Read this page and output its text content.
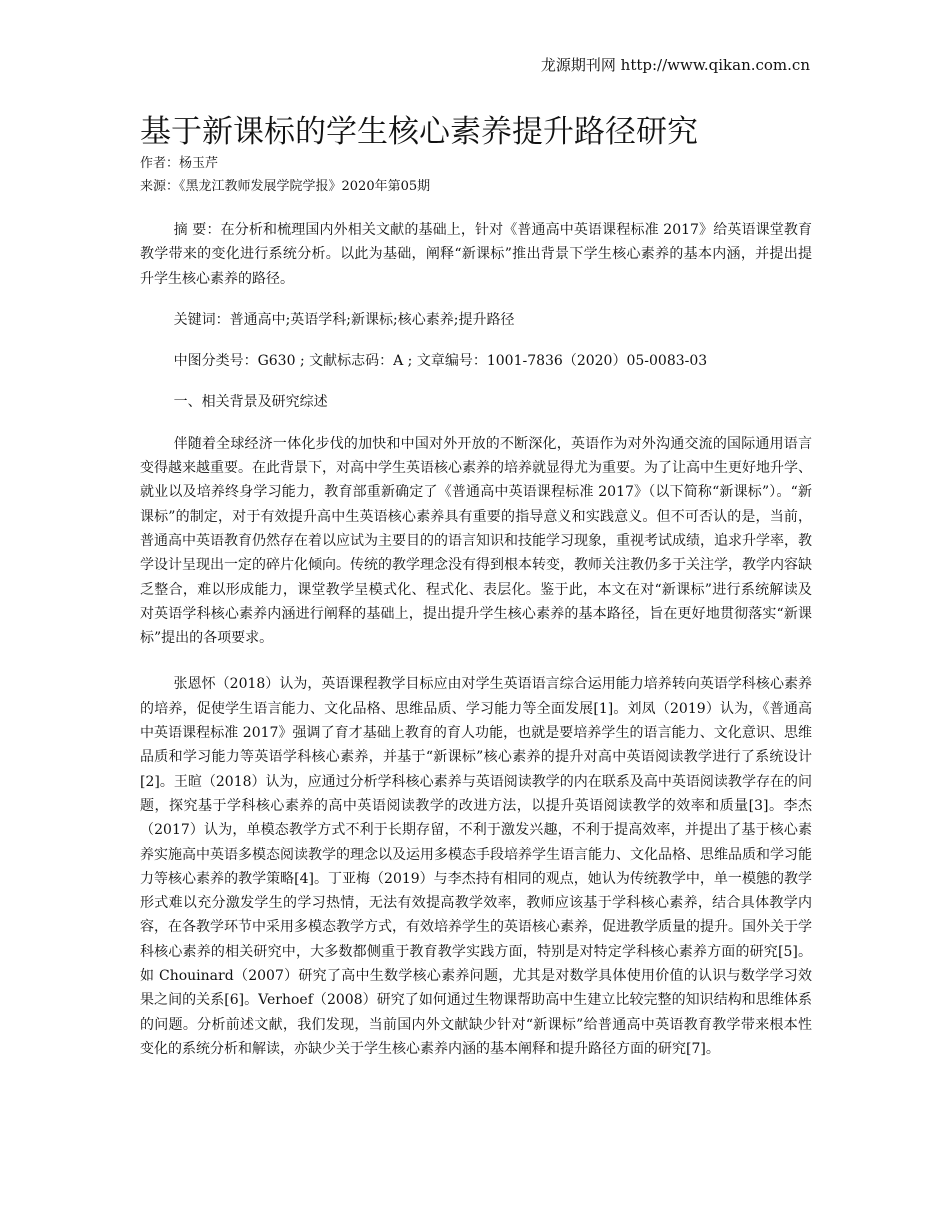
龙源期刊网 http://www.qikan.com.cn
基于新课标的学生核心素养提升路径研究
作者：杨玉芹
来源：《黑龙江教师发展学院学报》2020年第05期

摘 要：在分析和梳理国内外相关文献的基础上，针对《普通高中英语课程标准 2017》给英语课堂教育教学带来的变化进行系统分析。以此为基础，阐释“新课标”推出背景下学生核心素养的基本内涵，并提出提升学生核心素养的路径。

关键词：普通高中;英语学科;新课标;核心素养;提升路径

中图分类号：G630 ; 文献标志码：A ; 文章编号：1001-7836（2020）05-0083-03

一、相关背景及研究综述

伴随着全球经济一体化步伐的加快和中国对外开放的不断深化，英语作为对外沟通交流的国际通用语言变得越来越重要。在此背景下，对高中学生英语核心素养的培养就显得尤为重要。为了让高中生更好地升学、就业以及培养终身学习能力，教育部重新确定了《普通高中英语课程标准 2017》（以下简称“新课标”）。“新课标”的制定，对于有效提升高中生英语核心素养具有重要的指导意义和实践意义。但不可否认的是，当前，普通高中英语教育仍然存在着以应试为主要目的的语言知识和技能学习现象，重视考试成绩，追求升学率，教学设计呈现出一定的碎片化倾向。传统的教学理念没有得到根本转变，教师关注教仍多于关注学，教学内容缺乏整合，难以形成能力，课堂教学呈模式化、程式化、表层化。鉴于此，本文在对“新课标”进行系统解读及对英语学科核心素养内涵进行阐释的基础上，提出提升学生核心素养的基本路径，旨在更好地贯彻落实“新课标”提出的各项要求。

张恩怀（2018）认为，英语课程教学目标应由对学生英语语言综合运用能力培养转向英语学科核心素养的培养，促使学生语言能力、文化品格、思维品质、学习能力等全面发展[1]。刘凤（2019）认为，《普通高中英语课程标准 2017》强调了育才基础上教育的育人功能，也就是要培养学生的语言能力、文化意识、思维品质和学习能力等英语学科核心素养，并基于“新课标”核心素养的提升对高中英语阅读教学进行了系统设计[2]。王暄（2018）认为，应通过分析学科核心素养与英语阅读教学的内在联系及高中英语阅读教学存在的问题，探究基于学科核心素养的高中英语阅读教学的改进方法，以提升英语阅读教学的效率和质量[3]。李杰（2017）认为，单模态教学方式不利于长期存留，不利于激发兴趣，不利于提高效率，并提出了基于核心素养实施高中英语多模态阅读教学的理念以及运用多模态手段培养学生语言能力、文化品格、思维品质和学习能力等核心素养的教学策略[4]。丁亚梅（2019）与李杰持有相同的观点，她认为传统教学中，单一模態的教学形式难以充分激发学生的学习热情，无法有效提高教学效率，教师应该基于学科核心素养，结合具体教学内容，在各教学环节中采用多模态教学方式，有效培养学生的英语核心素养，促进教学质量的提升。国外关于学科核心素养的相关研究中，大多数都侧重于教育教学实践方面，特别是对特定学科核心素养方面的研究[5]。如 Chouinard（2007）研究了高中生数学核心素养问题，尤其是对数学具体使用价值的认识与数学学习效果之间的关系[6]。Verhoef（2008）研究了如何通过生物课帮助高中生建立比较完整的知识结构和思维体系的问题。分析前述文献，我们发现，当前国内外文献缺少针对“新课标”给普通高中英语教育教学带来根本性变化的系统分析和解读，亦缺少关于学生核心素养内涵的基本阐释和提升路径方面的研究[7]。
